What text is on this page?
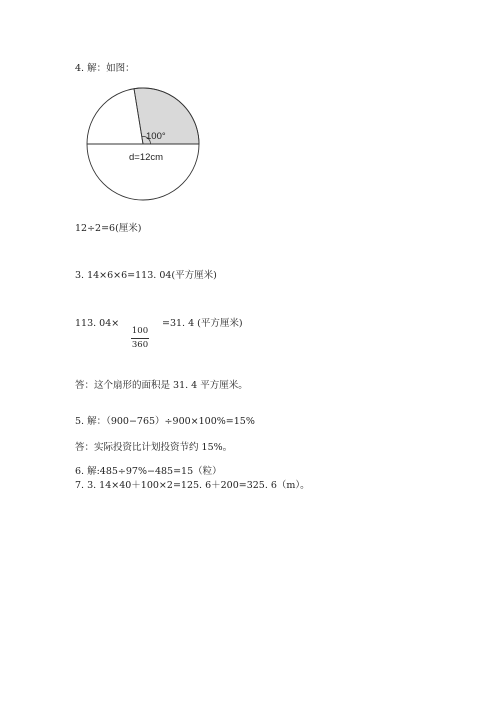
4. 解：如图：
100°
d=12cm
12÷2=6(厘米)
3. 14×6×6=113. 04(平方厘米)
113. 04×
100
360
=31. 4 (平方厘米)
答：这个扇形的面积是 31. 4 平方厘米。
5. 解：（900−765）÷900×100%=15%
答：实际投资比计划投资节约 15%。
6. 解:485÷97%−485=15（粒）
7. 3. 14×40＋100×2=125. 6＋200=325. 6（m）。
